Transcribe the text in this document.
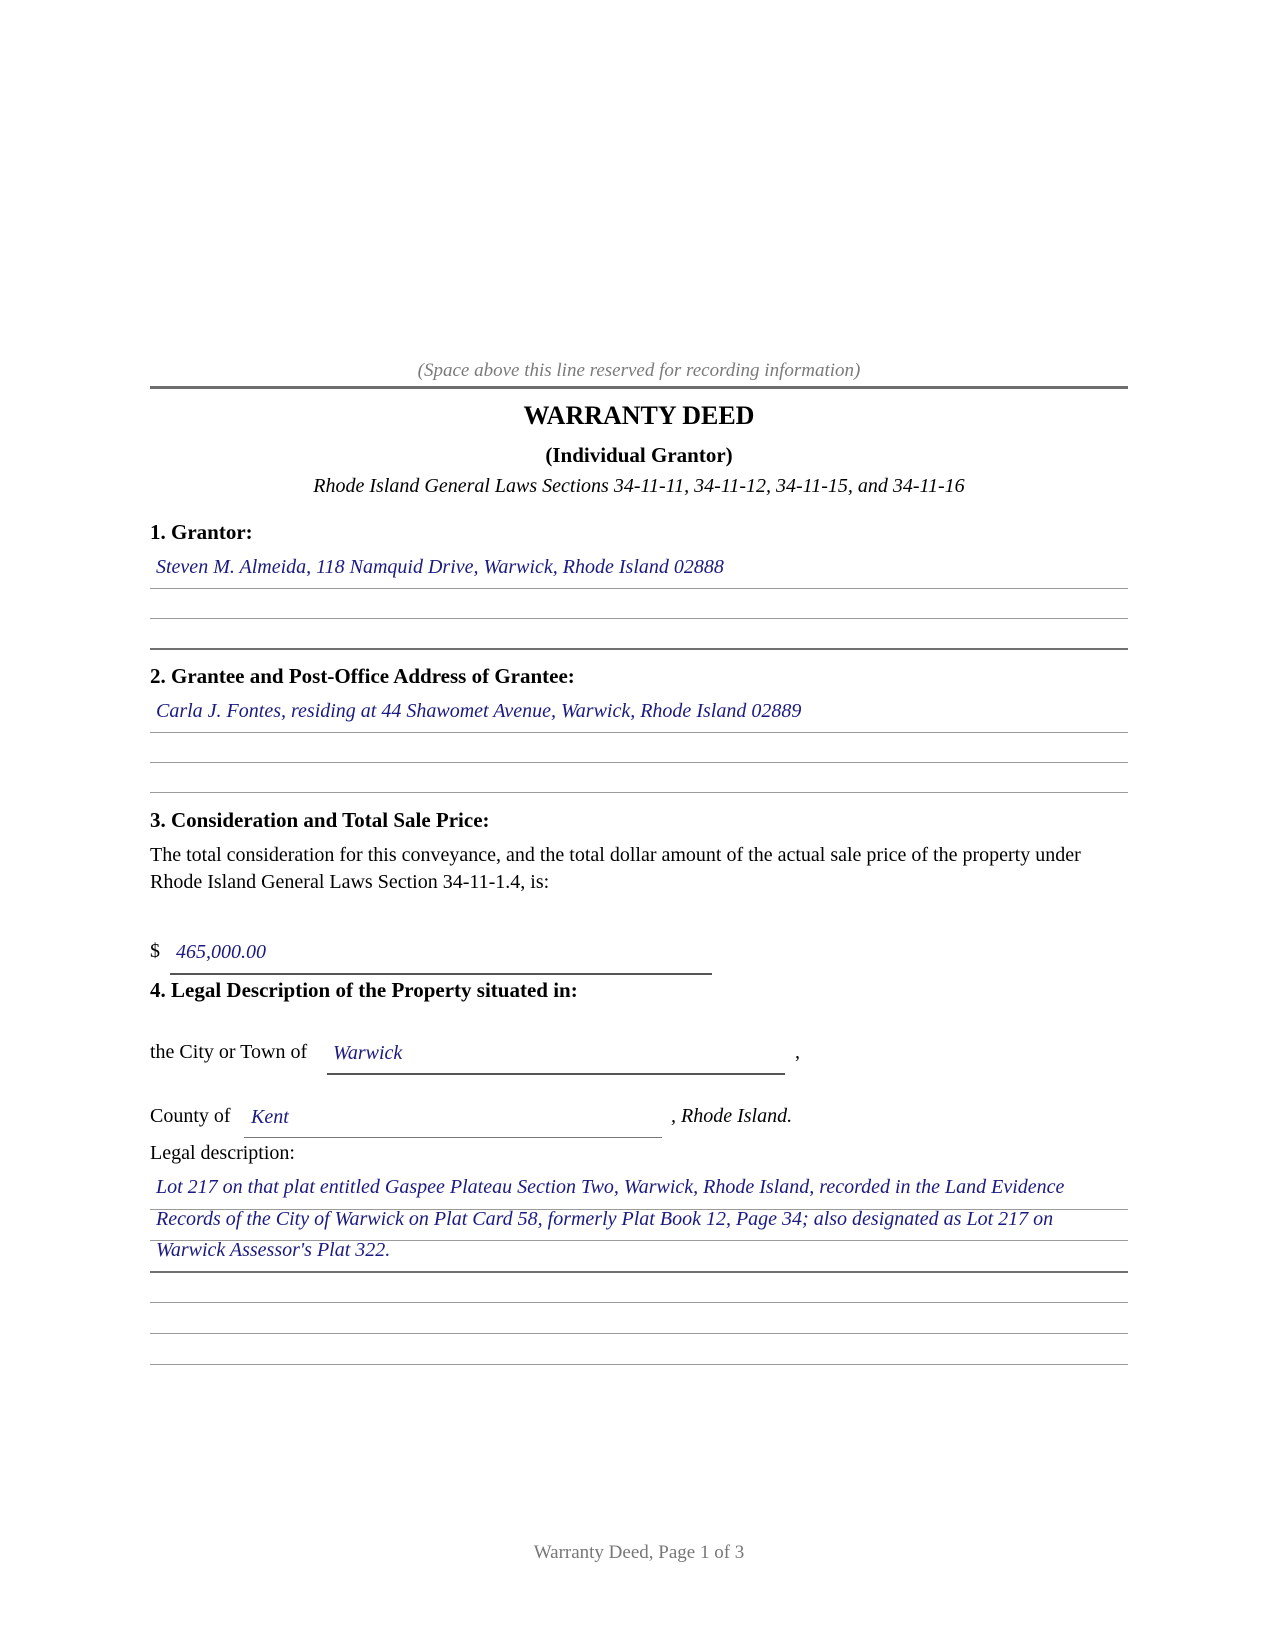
(Space above this line reserved for recording information)
WARRANTY DEED
(Individual Grantor)
Rhode Island General Laws Sections 34-11-11, 34-11-12, 34-11-15, and 34-11-16
1. Grantor:
Steven M. Almeida, 118 Namquid Drive, Warwick, Rhode Island 02888
2. Grantee and Post-Office Address of Grantee:
Carla J. Fontes, residing at 44 Shawomet Avenue, Warwick, Rhode Island 02889
3. Consideration and Total Sale Price:
The total consideration for this conveyance, and the total dollar amount of the actual sale price of the property under
Rhode Island General Laws Section 34-11-1.4, is:
$ 465,000.00
4. Legal Description of the Property situated in:
the City or Town of Warwick	,
County of Kent	, Rhode Island.
Legal description:
Lot 217 on that plat entitled Gaspee Plateau Section Two, Warwick, Rhode Island, recorded in the Land Evidence
Records of the City of Warwick on Plat Card 58, formerly Plat Book 12, Page 34; also designated as Lot 217 on
Warwick Assessor's Plat 322.
Warranty Deed, Page 1 of 3
